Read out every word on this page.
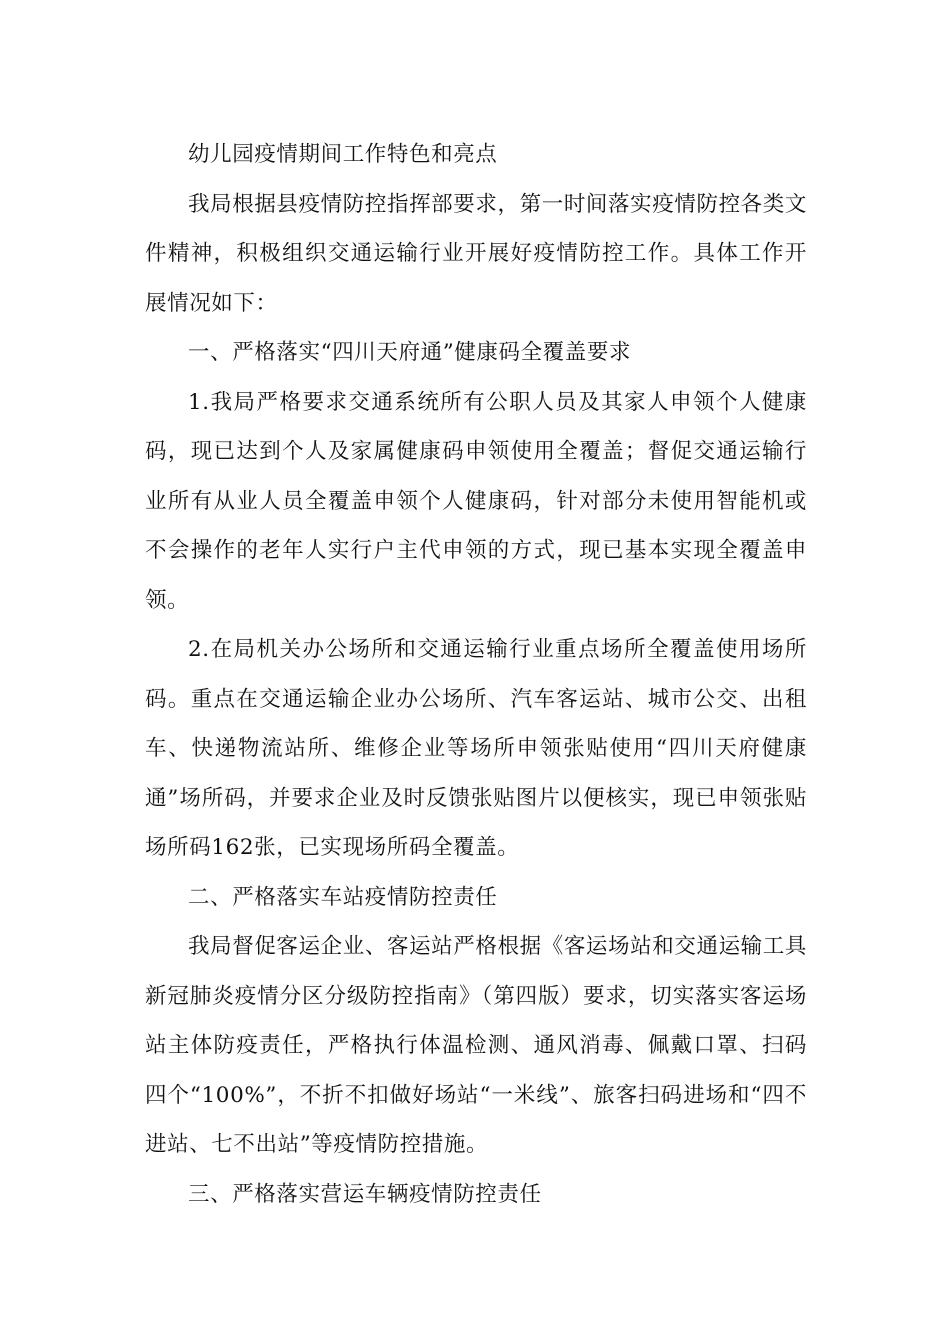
幼儿园疫情期间工作特色和亮点

我局根据县疫情防控指挥部要求，第一时间落实疫情防控各类文件精神，积极组织交通运输行业开展好疫情防控工作。具体工作开展情况如下：

一、严格落实“四川天府通”健康码全覆盖要求

1.我局严格要求交通系统所有公职人员及其家人申领个人健康码，现已达到个人及家属健康码申领使用全覆盖；督促交通运输行业所有从业人员全覆盖申领个人健康码，针对部分未使用智能机或不会操作的老年人实行户主代申领的方式，现已基本实现全覆盖申领。

2.在局机关办公场所和交通运输行业重点场所全覆盖使用场所码。重点在交通运输企业办公场所、汽车客运站、城市公交、出租车、快递物流站所、维修企业等场所申领张贴使用“四川天府健康通”场所码，并要求企业及时反馈张贴图片以便核实，现已申领张贴场所码162张，已实现场所码全覆盖。

二、严格落实车站疫情防控责任

我局督促客运企业、客运站严格根据《客运场站和交通运输工具新冠肺炎疫情分区分级防控指南》（第四版）要求，切实落实客运场站主体防疫责任，严格执行体温检测、通风消毒、佩戴口罩、扫码四个“100%”，不折不扣做好场站“一米线”、旅客扫码进场和“四不进站、七不出站”等疫情防控措施。

三、严格落实营运车辆疫情防控责任
